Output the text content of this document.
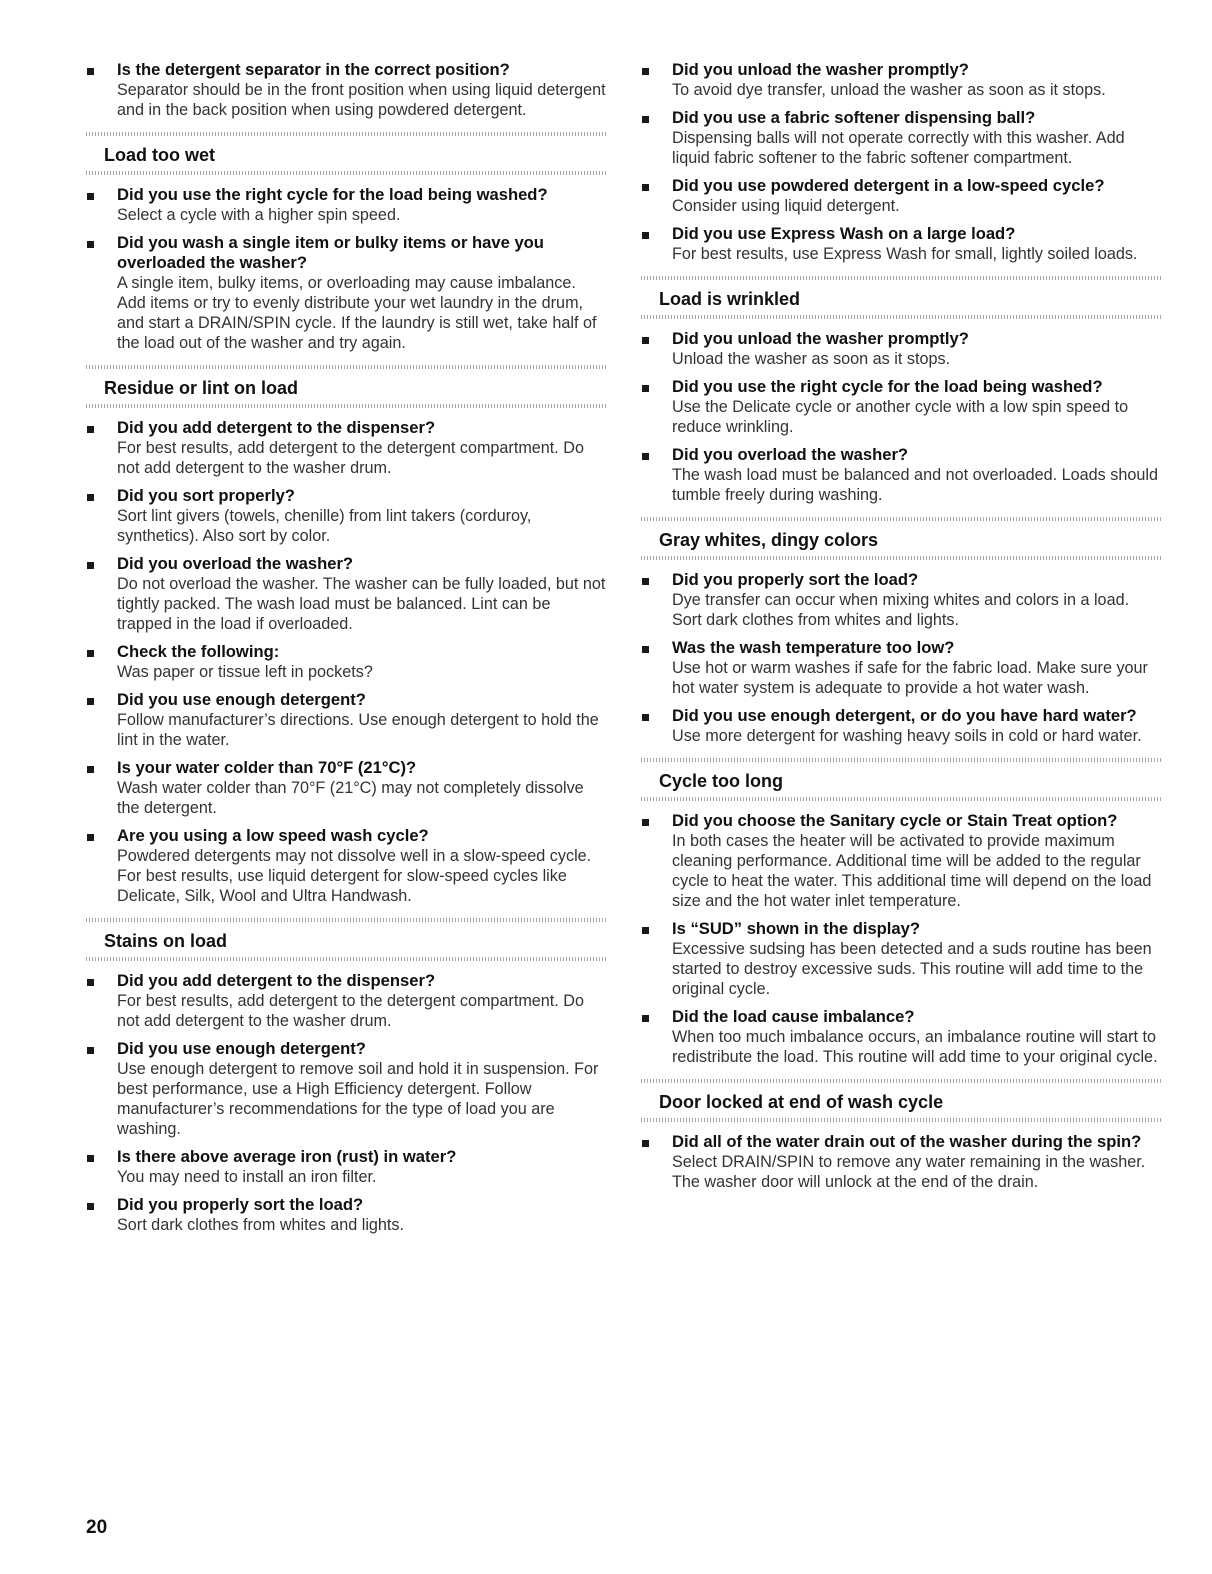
Is the detergent separator in the correct position?
Separator should be in the front position when using liquid detergent and in the back position when using powdered detergent.
Load too wet
Did you use the right cycle for the load being washed?
Select a cycle with a higher spin speed.
Did you wash a single item or bulky items or have you overloaded the washer?
A single item, bulky items, or overloading may cause imbalance. Add items or try to evenly distribute your wet laundry in the drum, and start a DRAIN/SPIN cycle. If the laundry is still wet, take half of the load out of the washer and try again.
Residue or lint on load
Did you add detergent to the dispenser?
For best results, add detergent to the detergent compartment. Do not add detergent to the washer drum.
Did you sort properly?
Sort lint givers (towels, chenille) from lint takers (corduroy, synthetics). Also sort by color.
Did you overload the washer?
Do not overload the washer. The washer can be fully loaded, but not tightly packed. The wash load must be balanced. Lint can be trapped in the load if overloaded.
Check the following:
Was paper or tissue left in pockets?
Did you use enough detergent?
Follow manufacturer’s directions. Use enough detergent to hold the lint in the water.
Is your water colder than 70°F (21°C)?
Wash water colder than 70°F (21°C) may not completely dissolve the detergent.
Are you using a low speed wash cycle?
Powdered detergents may not dissolve well in a slow-speed cycle. For best results, use liquid detergent for slow-speed cycles like Delicate, Silk, Wool and Ultra Handwash.
Stains on load
Did you add detergent to the dispenser?
For best results, add detergent to the detergent compartment. Do not add detergent to the washer drum.
Did you use enough detergent?
Use enough detergent to remove soil and hold it in suspension. For best performance, use a High Efficiency detergent. Follow manufacturer’s recommendations for the type of load you are washing.
Is there above average iron (rust) in water?
You may need to install an iron filter.
Did you properly sort the load?
Sort dark clothes from whites and lights.
Did you unload the washer promptly?
To avoid dye transfer, unload the washer as soon as it stops.
Did you use a fabric softener dispensing ball?
Dispensing balls will not operate correctly with this washer. Add liquid fabric softener to the fabric softener compartment.
Did you use powdered detergent in a low-speed cycle?
Consider using liquid detergent.
Did you use Express Wash on a large load?
For best results, use Express Wash for small, lightly soiled loads.
Load is wrinkled
Did you unload the washer promptly?
Unload the washer as soon as it stops.
Did you use the right cycle for the load being washed?
Use the Delicate cycle or another cycle with a low spin speed to reduce wrinkling.
Did you overload the washer?
The wash load must be balanced and not overloaded. Loads should tumble freely during washing.
Gray whites, dingy colors
Did you properly sort the load?
Dye transfer can occur when mixing whites and colors in a load. Sort dark clothes from whites and lights.
Was the wash temperature too low?
Use hot or warm washes if safe for the fabric load. Make sure your hot water system is adequate to provide a hot water wash.
Did you use enough detergent, or do you have hard water?
Use more detergent for washing heavy soils in cold or hard water.
Cycle too long
Did you choose the Sanitary cycle or Stain Treat option?
In both cases the heater will be activated to provide maximum cleaning performance. Additional time will be added to the regular cycle to heat the water. This additional time will depend on the load size and the hot water inlet temperature.
Is “SUD” shown in the display?
Excessive sudsing has been detected and a suds routine has been started to destroy excessive suds. This routine will add time to the original cycle.
Did the load cause imbalance?
When too much imbalance occurs, an imbalance routine will start to redistribute the load. This routine will add time to your original cycle.
Door locked at end of wash cycle
Did all of the water drain out of the washer during the spin?
Select DRAIN/SPIN to remove any water remaining in the washer. The washer door will unlock at the end of the drain.
20
